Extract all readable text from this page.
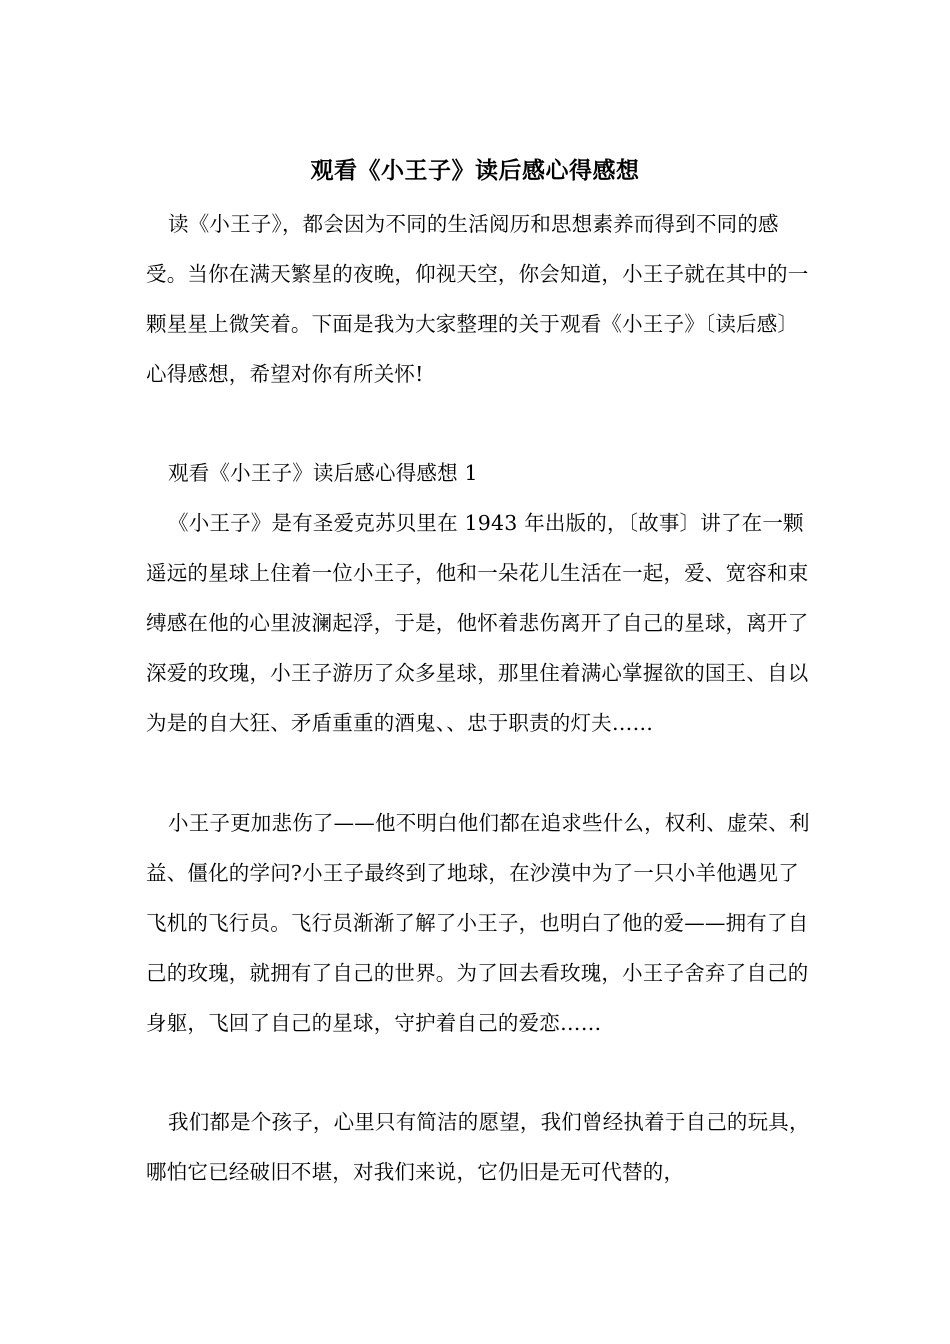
观看《小王子》读后感心得感想

读《小王子》，都会因为不同的生活阅历和思想素养而得到不同的感受。当你在满天繁星的夜晚，仰视天空，你会知道，小王子就在其中的一颗星星上微笑着。下面是我为大家整理的关于观看《小王子》〔读后感〕心得感想，希望对你有所关怀!

观看《小王子》读后感心得感想 1

《小王子》是有圣爱克苏贝里在 1943 年出版的，〔故事〕讲了在一颗遥远的星球上住着一位小王子，他和一朵花儿生活在一起，爱、宽容和束缚感在他的心里波澜起浮，于是，他怀着悲伤离开了自己的星球，离开了深爱的玫瑰，小王子游历了众多星球，那里住着满心掌握欲的国王、自以为是的自大狂、矛盾重重的酒鬼、、忠于职责的灯夫……

小王子更加悲伤了——他不明白他们都在追求些什么，权利、虚荣、利益、僵化的学问?小王子最终到了地球，在沙漠中为了一只小羊他遇见了飞机的飞行员。飞行员渐渐了解了小王子，也明白了他的爱——拥有了自己的玫瑰，就拥有了自己的世界。为了回去看玫瑰，小王子舍弃了自己的身躯，飞回了自己的星球，守护着自己的爱恋……

我们都是个孩子，心里只有简洁的愿望，我们曾经执着于自己的玩具，哪怕它已经破旧不堪，对我们来说，它仍旧是无可代替的，
